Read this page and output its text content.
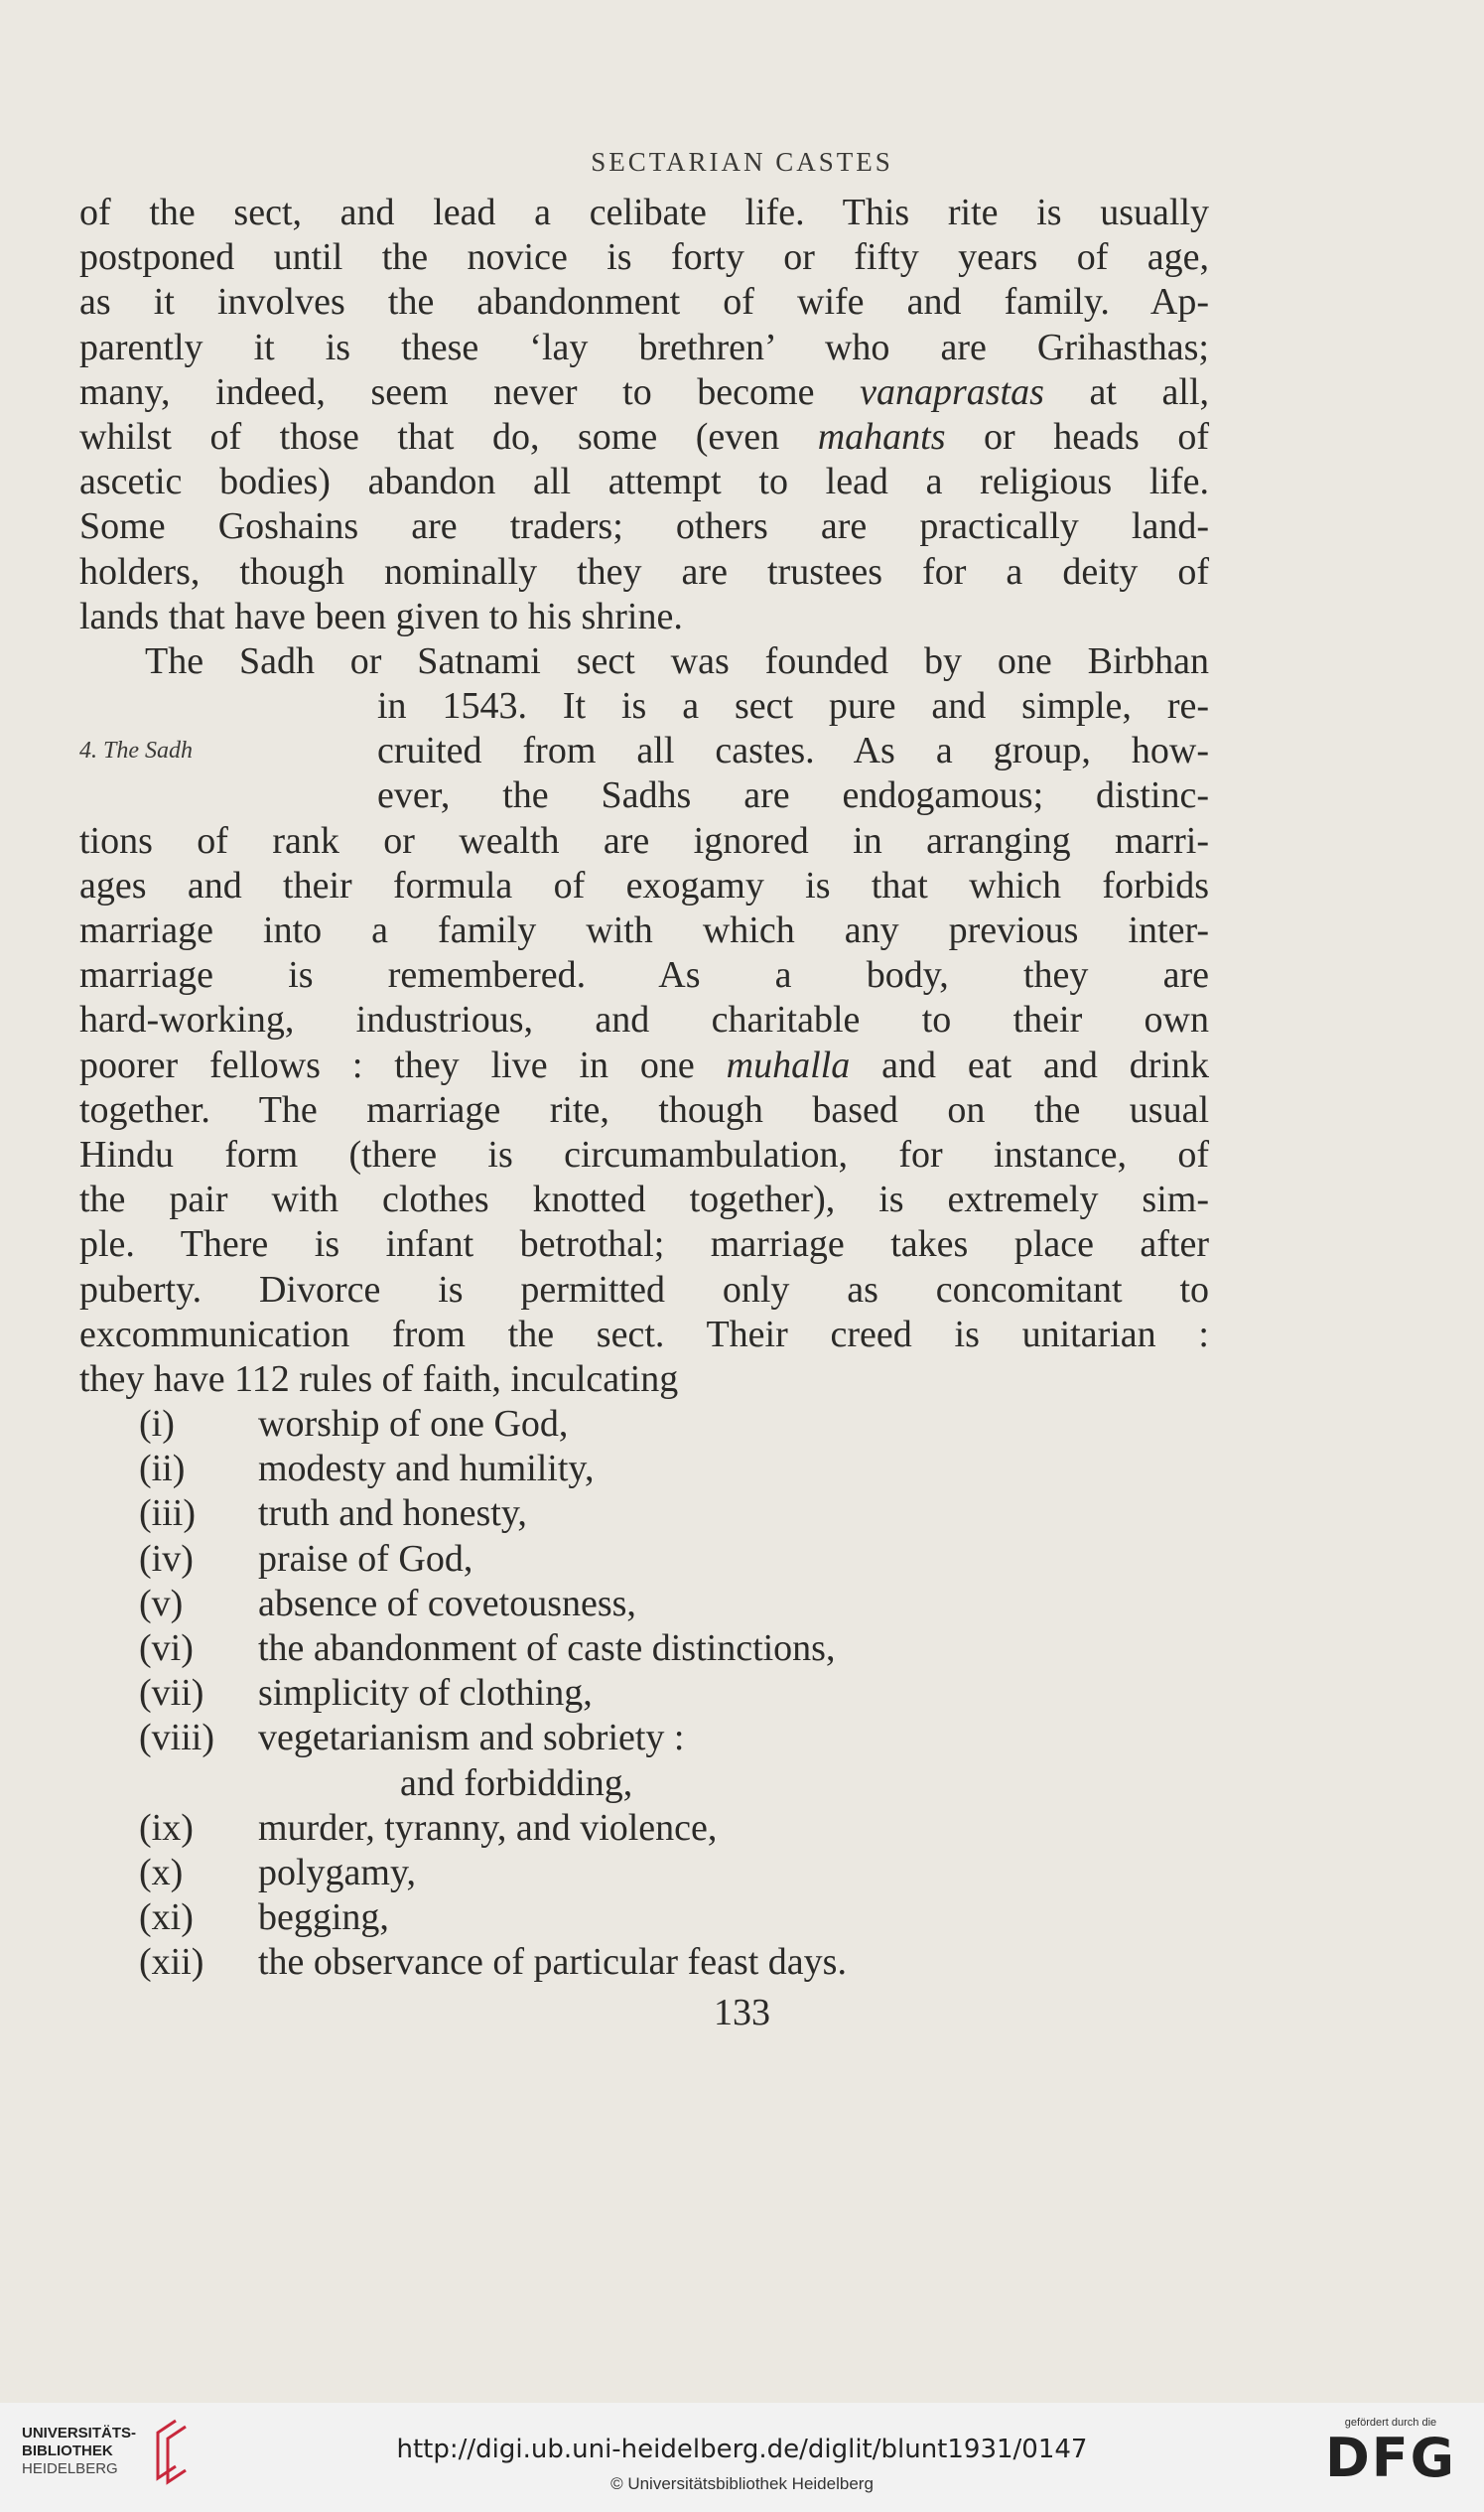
SECTARIAN CASTES
of the sect, and lead a celibate life. This rite is usually
postponed until the novice is forty or fifty years of age,
as it involves the abandonment of wife and family. Ap-
parently it is these ‘lay brethren’ who are Grihasthas;
many, indeed, seem never to become vanaprastas at all,
whilst of those that do, some (even mahants or heads of
ascetic bodies) abandon all attempt to lead a religious life.
Some Goshains are traders; others are practically land-
holders, though nominally they are trustees for a deity of
lands that have been given to his shrine.
The Sadh or Satnami sect was founded by one Birbhan
in 1543. It is a sect pure and simple, re-
4. The Sadh	cruited from all castes. As a group, how-
ever, the Sadhs are endogamous; distinc-
tions of rank or wealth are ignored in arranging marri-
ages and their formula of exogamy is that which forbids
marriage into a family with which any previous inter-
marriage is remembered. As a body, they are
hard-working, industrious, and charitable to their own
poorer fellows : they live in one muhalla and eat and drink
together. The marriage rite, though based on the usual
Hindu form (there is circumambulation, for instance, of
the pair with clothes knotted together), is extremely sim-
ple. There is infant betrothal; marriage takes place after
puberty. Divorce is permitted only as concomitant to
excommunication from the sect. Their creed is unitarian :
they have 112 rules of faith, inculcating
(i)	worship of one God,
(ii)	modesty and humility,
(iii)	truth and honesty,
(iv)	praise of God,
(v)	absence of covetousness,
(vi)	the abandonment of caste distinctions,
(vii)	simplicity of clothing,
(viii)	vegetarianism and sobriety :
and forbidding,
(ix)	murder, tyranny, and violence,
(x)	polygamy,
(xi)	begging,
(xii)	the observance of particular feast days.
133
UNIVERSITÄTS-
BIBLIOTHEK
HEIDELBERG
http://digi.ub.uni-heidelberg.de/diglit/blunt1931/0147
© Universitätsbibliothek Heidelberg
gefördert durch die
DFG
